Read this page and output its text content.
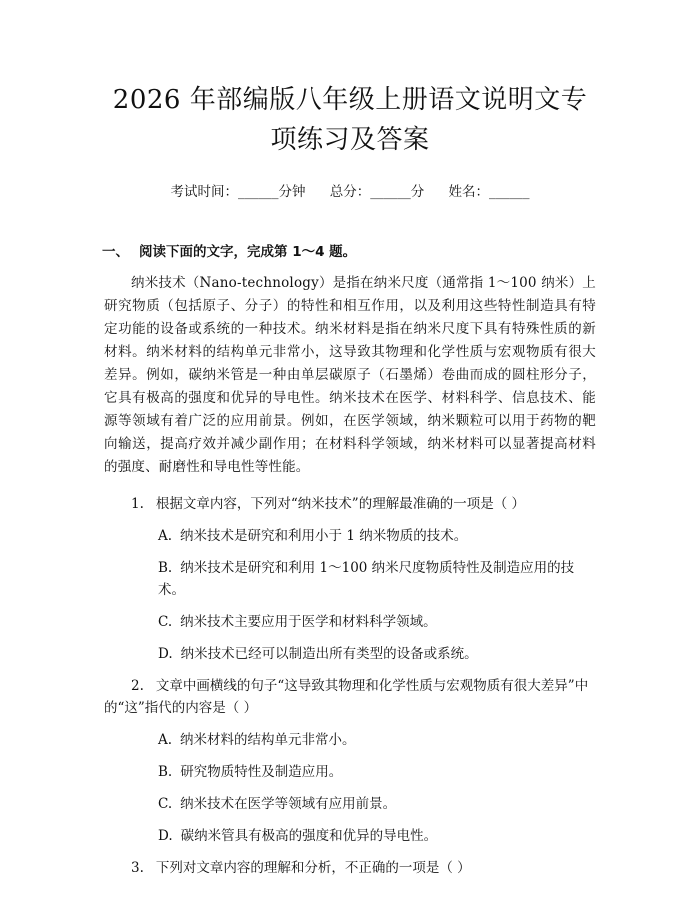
2026 年部编版八年级上册语文说明文专项练习及答案
考试时间：______分钟 总分：______分 姓名：______
一、 阅读下面的文字，完成第 1～4 题。

纳米技术（Nano-technology）是指在纳米尺度（通常指 1～100 纳米）上研究物质（包括原子、分子）的特性和相互作用，以及利用这些特性制造具有特定功能的设备或系统的一种技术。纳米材料是指在纳米尺度下具有特殊性质的新材料。纳米材料的结构单元非常小，这导致其物理和化学性质与宏观物质有很大差异。例如，碳纳米管是一种由单层碳原子（石墨烯）卷曲而成的圆柱形分子，它具有极高的强度和优异的导电性。纳米技术在医学、材料科学、信息技术、能源等领域有着广泛的应用前景。例如，在医学领域，纳米颗粒可以用于药物的靶向输送，提高疗效并减少副作用；在材料科学领域，纳米材料可以显著提高材料的强度、耐磨性和导电性等性能。

1. 根据文章内容，下列对“纳米技术”的理解最准确的一项是（ ）
A. 纳米技术是研究和利用小于 1 纳米物质的技术。
B. 纳米技术是研究和利用 1～100 纳米尺度物质特性及制造应用的技术。
C. 纳米技术主要应用于医学和材料科学领域。
D. 纳米技术已经可以制造出所有类型的设备或系统。
2. 文章中画横线的句子“这导致其物理和化学性质与宏观物质有很大差异”中的“这”指代的内容是（ ）
A. 纳米材料的结构单元非常小。
B. 研究物质特性及制造应用。
C. 纳米技术在医学等领域有应用前景。
D. 碳纳米管具有极高的强度和优异的导电性。
3. 下列对文章内容的理解和分析，不正确的一项是（ ）
